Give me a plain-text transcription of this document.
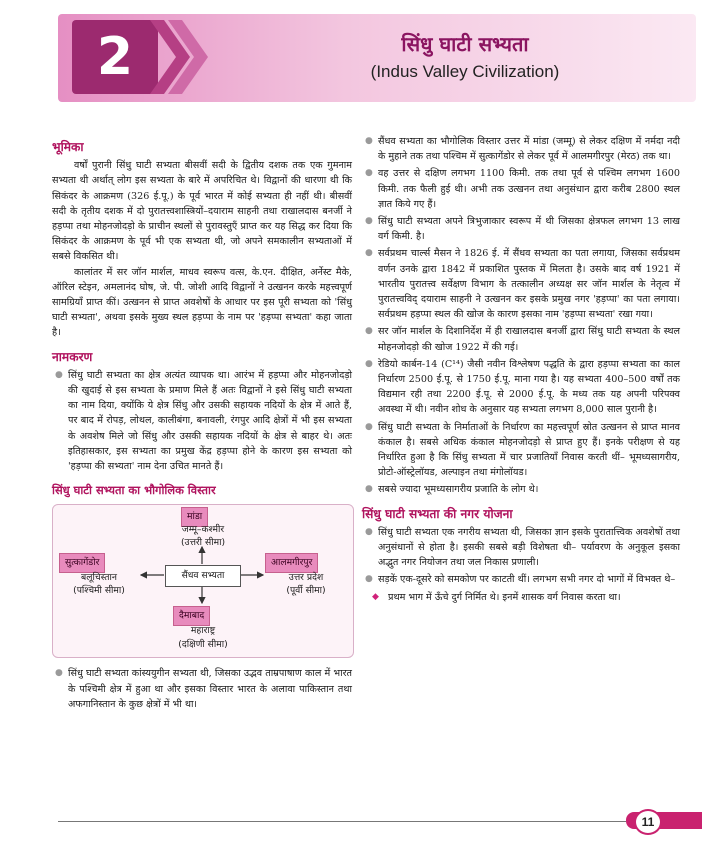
2	सिंधु घाटी सभ्यता
(Indus Valley Civilization)
भूमिका

वर्षों पुरानी सिंधु घाटी सभ्यता बीसवीं सदी के द्वितीय दशक तक एक गुमनाम सभ्यता थी अर्थात् लोग इस सभ्यता के बारे में अपरिचित थे। विद्वानों की धारणा थी कि सिकंदर के आक्रमण (326 ई.पू.) के पूर्व भारत में कोई सभ्यता ही नहीं थी। बीसवीं सदी के तृतीय दशक में दो पुरातत्त्वशास्त्रियों–दयाराम साहनी तथा राखालदास बनर्जी ने हड़प्पा तथा मोहनजोदड़ो के प्राचीन स्थलों से पुरावस्तुएँ प्राप्त कर यह सिद्ध कर दिया कि सिकंदर के आक्रमण के पूर्व भी एक सभ्यता थी, जो अपने समकालीन सभ्यताओं में सबसे विकसित थी।

कालांतर में सर जॉन मार्शल, माधव स्वरूप वत्स, के.एन. दीक्षित, अर्नेस्ट मैके, ऑरिल स्टेइन, अमलानंद घोष, जे. पी. जोशी आदि विद्वानों ने उत्खनन करके महत्त्वपूर्ण सामग्रियाँ प्राप्त कीं। उत्खनन से प्राप्त अवशेषों के आधार पर इस पूरी सभ्यता को 'सिंधु घाटी सभ्यता', अथवा इसके मुख्य स्थल हड़प्पा के नाम पर 'हड़प्पा सभ्यता' कहा जाता है।

नामकरण
● सिंधु घाटी सभ्यता का क्षेत्र अत्यंत व्यापक था। आरंभ में हड़प्पा और मोहनजोदड़ो की खुदाई से इस सभ्यता के प्रमाण मिले हैं अतः विद्वानों ने इसे सिंधु घाटी सभ्यता का नाम दिया, क्योंकि ये क्षेत्र सिंधु और उसकी सहायक नदियों के क्षेत्र में आते हैं, पर बाद में रोपड़, लोथल, कालीबंगा, बनावली, रंगपुर आदि क्षेत्रों में भी इस सभ्यता के अवशेष मिले जो सिंधु और उसकी सहायक नदियों के क्षेत्र से बाहर थे। अतः इतिहासकार, इस सभ्यता का प्रमुख केंद्र हड़प्पा होने के कारण इस सभ्यता को 'हड़प्पा की सभ्यता' नाम देना उचित मानते हैं।
सिंधु घाटी सभ्यता का भौगोलिक विस्तार
मांडा
जम्मू–कश्मीर
(उत्तरी सीमा)
सुत्कागेंडोर
बलूचिस्तान
(पश्चिमी सीमा)
सैंधव सभ्यता
आलमगीरपुर
उत्तर प्रदेश
(पूर्वी सीमा)
दैमाबाद
महाराष्ट्र
(दक्षिणी सीमा)
● सिंधु घाटी सभ्यता कांस्ययुगीन सभ्यता थी, जिसका उद्भव ताम्रपाषाण काल में भारत के पश्चिमी क्षेत्र में हुआ था और इसका विस्तार भारत के अलावा पाकिस्तान तथा अफगानिस्तान के कुछ क्षेत्रों में भी था।
● सैंधव सभ्यता का भौगोलिक विस्तार उत्तर में मांडा (जम्मू) से लेकर दक्षिण में नर्मदा नदी के मुहाने तक तथा पश्चिम में सुत्कागेंडोर से लेकर पूर्व में आलमगीरपुर (मेरठ) तक था।
● वह उत्तर से दक्षिण लगभग 1100 किमी. तक तथा पूर्व से पश्चिम लगभग 1600 किमी. तक फैली हुई थी। अभी तक उत्खनन तथा अनुसंधान द्वारा करीब 2800 स्थल ज्ञात किये गए हैं।
● सिंधु घाटी सभ्यता अपने त्रिभुजाकार स्वरूप में थी जिसका क्षेत्रफल लगभग 13 लाख वर्ग किमी. है।
● सर्वप्रथम चार्ल्स मैसन ने 1826 ई. में सैंधव सभ्यता का पता लगाया, जिसका सर्वप्रथम वर्णन उनके द्वारा 1842 में प्रकाशित पुस्तक में मिलता है। उसके बाद वर्ष 1921 में भारतीय पुरातत्त्व सर्वेक्षण विभाग के तत्कालीन अध्यक्ष सर जॉन मार्शल के नेतृत्व में पुरातत्त्वविद् दयाराम साहनी ने उत्खनन कर इसके प्रमुख नगर 'हड़प्पा' का पता लगाया। सर्वप्रथम हड़प्पा स्थल की खोज के कारण इसका नाम 'हड़प्पा सभ्यता' रखा गया।
● सर जॉन मार्शल के दिशानिर्देश में ही राखालदास बनर्जी द्वारा सिंधु घाटी सभ्यता के स्थल मोहनजोदड़ो की खोज 1922 में की गई।
● रेडियो कार्बन-14 (C¹⁴) जैसी नवीन विश्लेषण पद्धति के द्वारा हड़प्पा सभ्यता का काल निर्धारण 2500 ई.पू. से 1750 ई.पू. माना गया है। यह सभ्यता 400–500 वर्षों तक विद्यमान रही तथा 2200 ई.पू. से 2000 ई.पू. के मध्य तक यह अपनी परिपक्व अवस्था में थी। नवीन शोध के अनुसार यह सभ्यता लगभग 8,000 साल पुरानी है।
● सिंधु घाटी सभ्यता के निर्माताओं के निर्धारण का महत्त्वपूर्ण स्रोत उत्खनन से प्राप्त मानव कंकाल है। सबसे अधिक कंकाल मोहनजोदड़ो से प्राप्त हुए हैं। इनके परीक्षण से यह निर्धारित हुआ है कि सिंधु सभ्यता में चार प्रजातियाँ निवास करती थीं– भूमध्यसागरीय, प्रोटो-ऑस्ट्रेलॉयड, अल्पाइन तथा मंगोलॉयड।
● सबसे ज्यादा भूमध्यसागरीय प्रजाति के लोग थे।
सिंधु घाटी सभ्यता की नगर योजना
● सिंधु घाटी सभ्यता एक नगरीय सभ्यता थी, जिसका ज्ञान इसके पुरातात्त्विक अवशेषों तथा अनुसंधानों से होता है। इसकी सबसे बड़ी विशेषता थी– पर्यावरण के अनुकूल इसका अद्भुत नगर नियोजन तथा जल निकास प्रणाली।
● सड़कें एक-दूसरे को समकोण पर काटती थीं। लगभग सभी नगर दो भागों में विभक्त थे–
◆ प्रथम भाग में ऊँचे दुर्ग निर्मित थे। इनमें शासक वर्ग निवास करता था।
11
